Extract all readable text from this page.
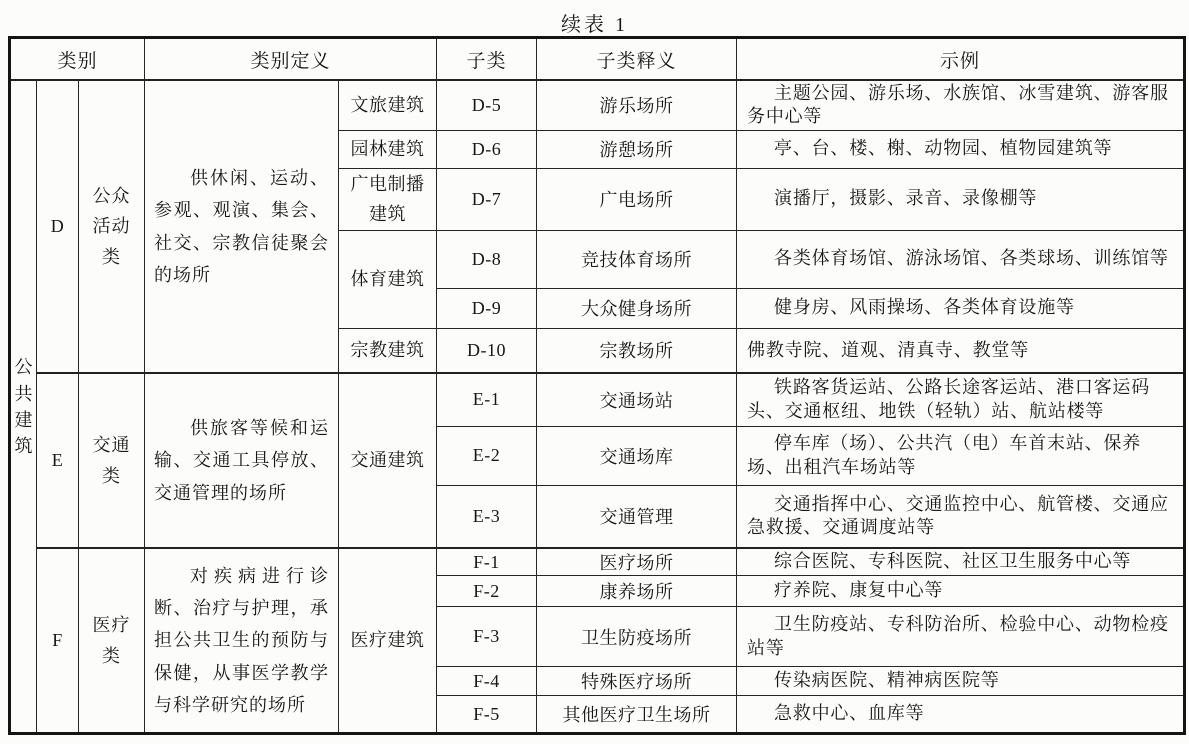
续表 1
类别			类别定义		子类	子类释义	示例

公共建筑	D	公众活动类	供休闲、运动、参观、观演、集会、社交、宗教信徒聚会的场所	文旅建筑	D-5	游乐场所	主题公园、游乐场、水族馆、冰雪建筑、游客服务中心等
				园林建筑	D-6	游憩场所	亭、台、楼、榭、动物园、植物园建筑等
				广电制播建筑	D-7	广电场所	演播厅，摄影、录音、录像棚等
				体育建筑	D-8	竞技体育场所	各类体育场馆、游泳场馆、各类球场、训练馆等
					D-9	大众健身场所	健身房、风雨操场、各类体育设施等
				宗教建筑	D-10	宗教场所	佛教寺院、道观、清真寺、教堂等
	E	交通类	供旅客等候和运输、交通工具停放、交通管理的场所	交通建筑	E-1	交通场站	铁路客货运站、公路长途客运站、港口客运码头、交通枢纽、地铁（轻轨）站、航站楼等
					E-2	交通场库	停车库（场）、公共汽（电）车首末站、保养场、出租汽车场站等
					E-3	交通管理	交通指挥中心、交通监控中心、航管楼、交通应急救援、交通调度站等
	F	医疗类	对疾病进行诊断、治疗与护理，承担公共卫生的预防与保健，从事医学教学与科学研究的场所	医疗建筑	F-1	医疗场所	综合医院、专科医院、社区卫生服务中心等
					F-2	康养场所	疗养院、康复中心等
					F-3	卫生防疫场所	卫生防疫站、专科防治所、检验中心、动物检疫站等
					F-4	特殊医疗场所	传染病医院、精神病医院等
					F-5	其他医疗卫生场所	急救中心、血库等
